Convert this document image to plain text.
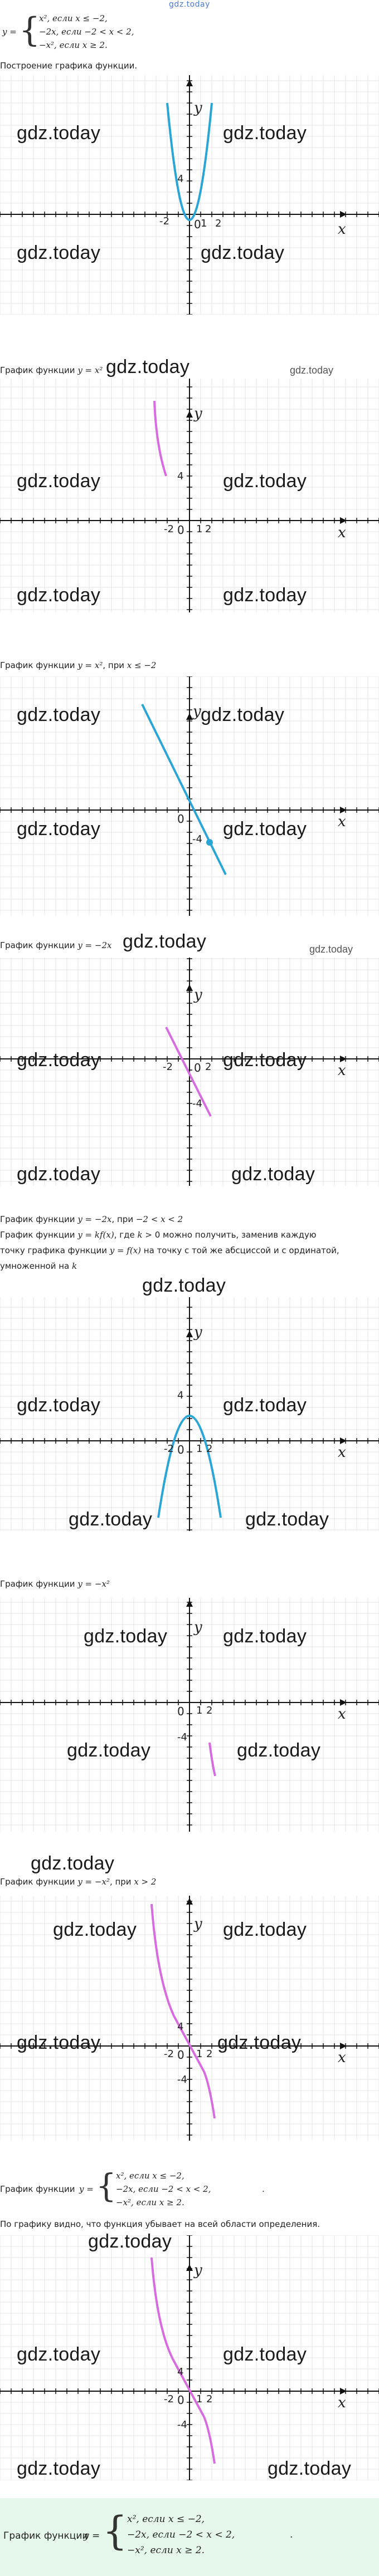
gdz.today
y = {
x², если x ≤ −2,
−2x, если −2 < x < 2,
−x², если x ≥ 2.
Построение графика функции.
gdz.today	gdz.today
gdz.today	gdz.today
y
x
0
-2	1 2
4
График функции y = x² gdz.today	gdz.today
gdz.today	gdz.today
gdz.today	gdz.today
y
x
0
-2 1 2
4
График функции y = x², при x ≤ −2
gdz.today	gdz.today
gdz.today	gdz.today
y
x
0
-4
График функции y = −2x gdz.today	gdz.today
gdz.today	gdz.today
gdz.today	gdz.today
y
x
0
-2	2
-4
График функции y = −2x, при −2 < x < 2
График функции y = kf(x), где k > 0 можно получить, заменив каждую
точку графика функции y = f(x) на точку с той же абсциссой и с ординатой,
умноженной на k
gdz.today
gdz.today	gdz.today
gdz.today	gdz.today
y
x
0
-2 1 2
4
График функции y = −x²
gdz.today	gdz.today
gdz.today	gdz.today
y
x
0 1 2
-4
gdz.today
График функции y = −x², при x > 2
gdz.today	gdz.today
gdz.today	gdz.today
y
x
0
-2 1 2
4
-4
График функции y = { x², если x ≤ −2,
−2x, если −2 < x < 2,
−x², если x ≥ 2.
.
По графику видно, что функция убывает на всей области определения.
gdz.today
gdz.today	gdz.today
gdz.today	gdz.today
y
x
0
-2 1 2
4
-4
График функции
y = { x², если x ≤ −2,
−2x, если −2 < x < 2,
−x², если x ≥ 2.
.
